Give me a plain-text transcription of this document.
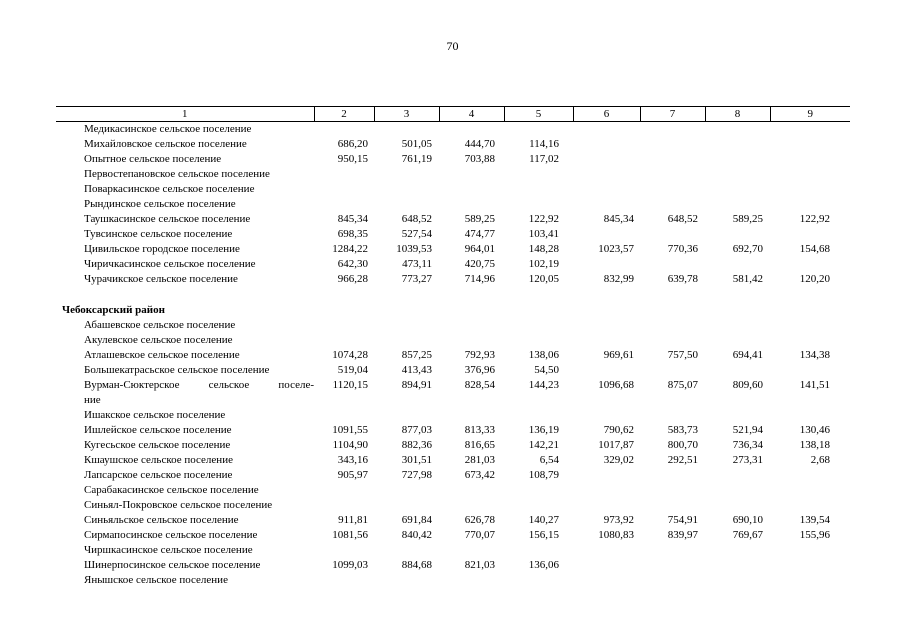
70
1	2	3	4	5	6	7	8	9
Медикасинское сельское поселение								
Михайловское сельское поселение	686,20	501,05	444,70	114,16				
Опытное сельское поселение	950,15	761,19	703,88	117,02				
Первостепановское сельское поселение								
Поваркасинское сельское поселение								
Рындинское сельское поселение								
Таушкасинское сельское поселение	845,34	648,52	589,25	122,92	845,34	648,52	589,25	122,92
Тувсинское сельское поселение	698,35	527,54	474,77	103,41				
Цивильское городское поселение	1284,22	1039,53	964,01	148,28	1023,57	770,36	692,70	154,68
Чиричкасинское сельское поселение	642,30	473,11	420,75	102,19				
Чурачикское сельское поселение	966,28	773,27	714,96	120,05	832,99	639,78	581,42	120,20

Чебоксарский район								
Абашевское сельское поселение								
Акулевское сельское поселение								
Атлашевское сельское поселение	1074,28	857,25	792,93	138,06	969,61	757,50	694,41	134,38
Большекатрасьское сельское поселение	519,04	413,43	376,96	54,50				
Вурман-Сюктерское сельское поселе-	1120,15	894,91	828,54	144,23	1096,68	875,07	809,60	141,51
ние								
Ишакское сельское поселение								
Ишлейское сельское поселение	1091,55	877,03	813,33	136,19	790,62	583,73	521,94	130,46
Кугесьское сельское поселение	1104,90	882,36	816,65	142,21	1017,87	800,70	736,34	138,18
Кшаушское сельское поселение	343,16	301,51	281,03	6,54	329,02	292,51	273,31	2,68
Лапсарское сельское поселение	905,97	727,98	673,42	108,79				
Сарабакасинское сельское поселение								
Синьял-Покровское сельское поселение								
Синьяльское сельское поселение	911,81	691,84	626,78	140,27	973,92	754,91	690,10	139,54
Сирмапосинское сельское поселение	1081,56	840,42	770,07	156,15	1080,83	839,97	769,67	155,96
Чиршкасинское сельское поселение								
Шинерпосинское сельское поселение	1099,03	884,68	821,03	136,06				
Янышское сельское поселение								
